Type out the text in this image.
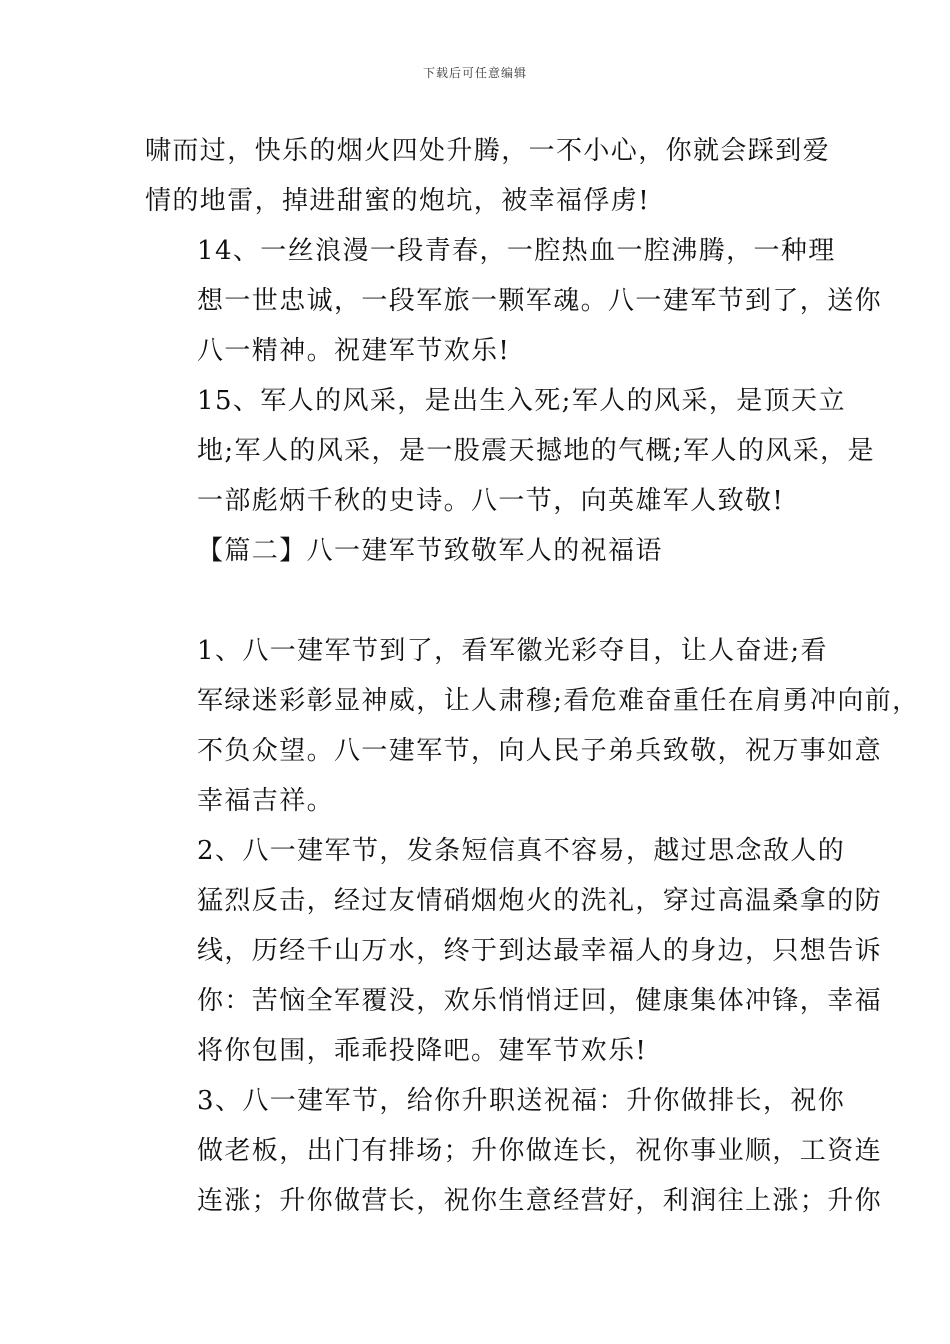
下载后可任意编辑

啸而过，快乐的烟火四处升腾，一不小心，你就会踩到爱
情的地雷，掉进甜蜜的炮坑，被幸福俘虏!

14、一丝浪漫一段青春，一腔热血一腔沸腾，一种理
想一世忠诚，一段军旅一颗军魂。八一建军节到了，送你
八一精神。祝建军节欢乐!

15、军人的风采，是出生入死;军人的风采，是顶天立
地;军人的风采，是一股震天撼地的气概;军人的风采，是
一部彪炳千秋的史诗。八一节，向英雄军人致敬!

【篇二】八一建军节致敬军人的祝福语

1、八一建军节到了，看军徽光彩夺目，让人奋进;看
军绿迷彩彰显神威，让人肃穆;看危难奋重任在肩勇冲向前，
不负众望。八一建军节，向人民子弟兵致敬，祝万事如意
幸福吉祥。

2、八一建军节，发条短信真不容易，越过思念敌人的
猛烈反击，经过友情硝烟炮火的洗礼，穿过高温桑拿的防
线，历经千山万水，终于到达最幸福人的身边，只想告诉
你：苦恼全军覆没，欢乐悄悄迂回，健康集体冲锋，幸福
将你包围，乖乖投降吧。建军节欢乐!

3、八一建军节，给你升职送祝福：升你做排长，祝你
做老板，出门有排场；升你做连长，祝你事业顺，工资连
连涨；升你做营长，祝你生意经营好，利润往上涨；升你
